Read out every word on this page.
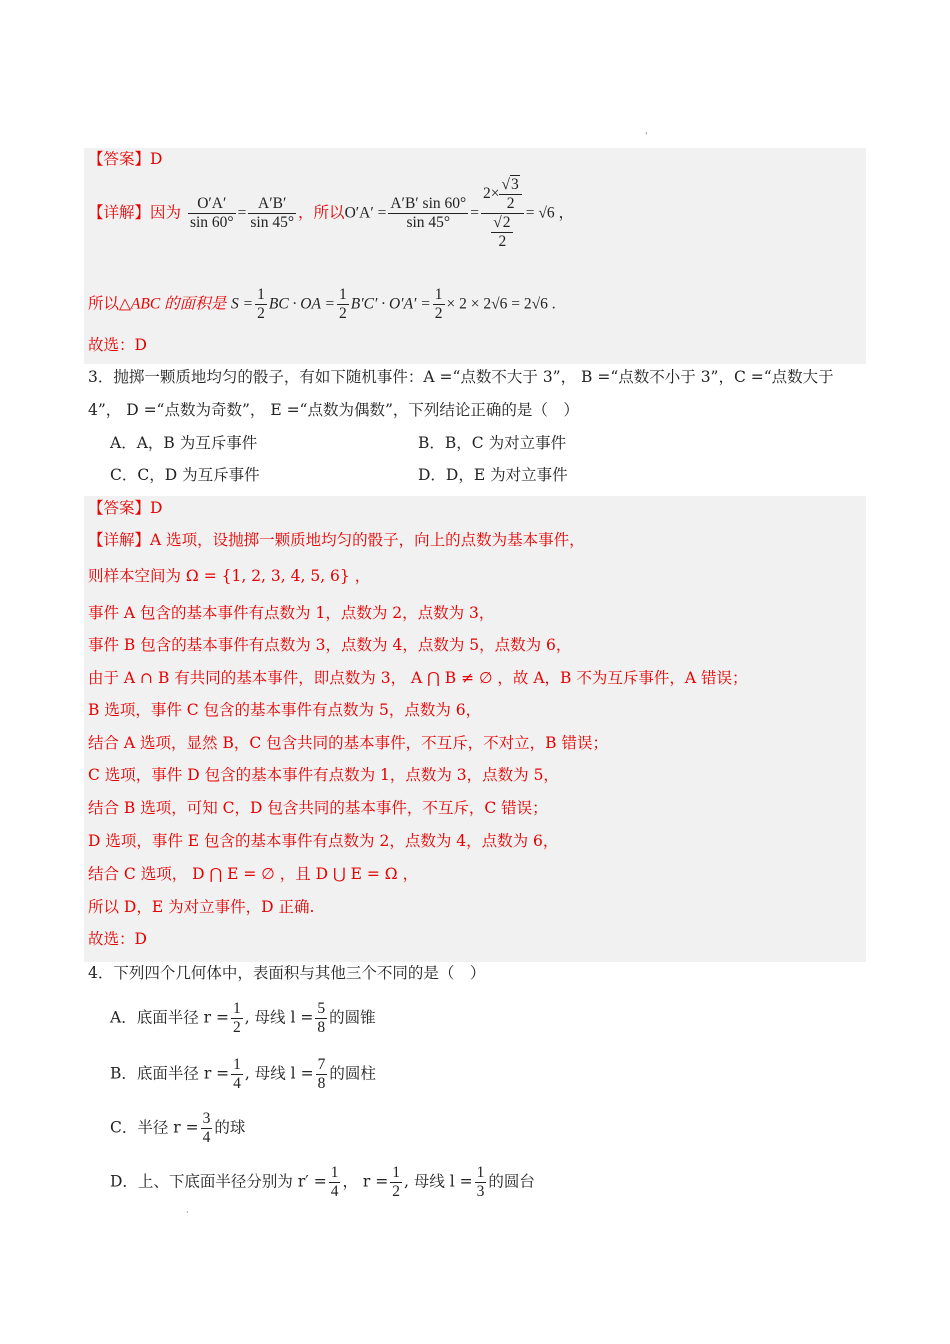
'
【答案】D
【详解】因为 $\frac{O'A'}{\sin 60^\circ} = \frac{A'B'}{\sin 45^\circ}$ ，所以$O'A' = \frac{A'B' \sin 60^\circ}{\sin 45^\circ} = \frac{2\times \frac{√3}{2}}{\frac{√2}{2}} = √6$ ，
所以△ABC 的面积是 $S = \frac{1}{2}$ BC · OA = $\frac{1}{2} B'C' \cdot O'A' = \frac{1}{2} \times 2 \times 2√6 = 2√6$ .
故选：D
3．抛掷一颗质地均匀的骰子，有如下随机事件：A =“点数不大于 3”， B =“点数不小于 3”，C =“点数大于
4”， D =“点数为奇数”， E =“点数为偶数”，下列结论正确的是（　）
A．A，B 为互斥事件	B．B，C 为对立事件
C．C，D 为互斥事件	D．D，E 为对立事件
【答案】D
【详解】A 选项，设抛掷一颗质地均匀的骰子，向上的点数为基本事件，
则样本空间为 Ω = {1, 2, 3, 4, 5, 6} ，
事件 A 包含的基本事件有点数为 1，点数为 2，点数为 3，
事件 B 包含的基本事件有点数为 3，点数为 4，点数为 5，点数为 6，
由于 A ∩ B 有共同的基本事件，即点数为 3， A ⋂ B ≠ ∅ ，故 A，B 不为互斥事件，A 错误；
B 选项，事件 C 包含的基本事件有点数为 5，点数为 6，
结合 A 选项，显然 B，C 包含共同的基本事件，不互斥，不对立，B 错误；
C 选项，事件 D 包含的基本事件有点数为 1，点数为 3，点数为 5，
结合 B 选项，可知 C，D 包含共同的基本事件，不互斥，C 错误；
D 选项，事件 E 包含的基本事件有点数为 2，点数为 4，点数为 6，
结合 C 选项， D ⋂ E = ∅ ，且 D ⋃ E = Ω ，
所以 D，E 为对立事件，D 正确.
故选：D
4．下列四个几何体中，表面积与其他三个不同的是（　）
A．底面半径 $r = \frac{1}{2}$ , 母线 $l = \frac{5}{8}$ 的圆锥
B．底面半径 $r = \frac{1}{4}$ , 母线 $l = \frac{7}{8}$ 的圆柱
C．半径 $r = \frac{3}{4}$ 的球
D．上、下底面半径分别为 $r' = \frac{1}{4}$ ， $r = \frac{1}{2}$ , 母线 $l = \frac{1}{3}$ 的圆台
·
